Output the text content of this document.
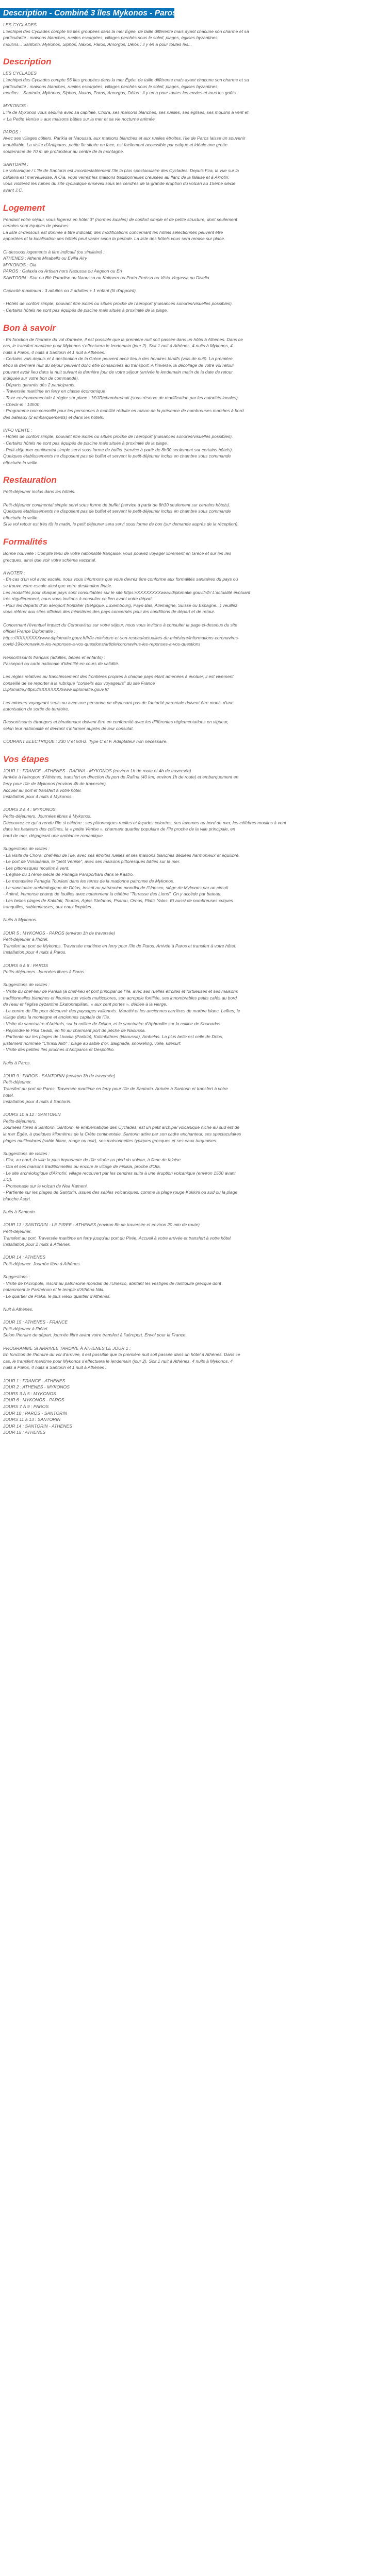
Description - Combiné 3 îles Mykonos - Paros - Santorin 3*

LES CYCLADES

L'archipel des Cyclades compte 56 îles groupées dans la mer Égée, de taille différente mais ayant chacune son charme et sa

particularité : maisons blanches, ruelles escarpées, villages perchés sous le soleil, plages, églises byzantines,

moulins... Santorin, Mykonos, Siphos, Naxos, Paros, Amorgos, Délos : il y en a pour toutes les...

Description

LES CYCLADES

L'archipel des Cyclades compte 56 îles groupées dans la mer Égée, de taille différente mais ayant chacune son charme et sa

particularité : maisons blanches, ruelles escarpées, villages perchés sous le soleil, plages, églises byzantines,

moulins... Santorin, Mykonos, Siphos, Naxos, Paros, Amorgos, Délos : il y en a pour toutes les envies et tous les goûts.

MYKONOS :

L'île de Mykonos vous séduira avec sa capitale, Chora, ses maisons blanches, ses ruelles, ses églises, ses moulins à vent et

« La Petite Venise » aux maisons bâties sur la mer et sa vie nocturne animée.

PAROS :

Avec ses villages côtiers, Parikia et Naoussa, aux maisons blanches et aux ruelles étroites, l'île de Paros laisse un souvenir

inoubliable. La visite d'Antiparos, petite île située en face, est facilement accessible par caïque et idéale une grotte

souterraine de 70 m de profondeur au centre de la montagne.

SANTORIN :

Le volcanique / L'île de Santorin est incontestablement l'île la plus spectaculaire des Cyclades. Depuis Fira, la vue sur la

caldeira est merveilleuse. A Oïa, vous verrez les maisons traditionnelles creusées au flanc de la falaise et à Akrotiri,

vous visiterez les ruines du site cycladique enseveli sous les cendres de la grande éruption du volcan au 15ème siècle

avant J.C.

Logement

Pendant votre séjour, vous logerez en hôtel 3* (normes locales) de confort simple et de petite structure, dont seulement

certains sont équipés de piscines.

La liste ci-dessous est donnée à titre indicatif, des modifications concernant les hôtels sélectionnés peuvent être

apportées et la localisation des hôtels peut varier selon la période. La liste des hôtels vous sera remise sur place.

Ci-dessous logements à titre indicatif (ou similaire) :

ATHENES : Athens Mirabello ou Evilia Airy

MYKONOS : Oia

PAROS : Galaxia ou Artisan hors Naoussa ou Aegeon ou Eri

SANTORIN : Star ou Blé Paradise ou Naoussa ou Kalmero ou Porto Perissa ou Vista Vegassa ou Divelia

Capacité maximum : 3 adultes ou 2 adultes + 1 enfant (lit d'appoint).

- Hôtels de confort simple, pouvant être isolés ou situés proche de l'aéroport (nuisances sonores/visuelles possibles).

- Certains hôtels ne sont pas équipés de piscine mais situés à proximité de la plage.

Bon à savoir

- En fonction de l'horaire du vol d'arrivée, il est possible que la première nuit soit passée dans un hôtel à Athènes. Dans ce

cas, le transfert maritime pour Mykonos s'effectuera le lendemain (jour 2). Soit 1 nuit à Athènes, 4 nuits à Mykonos, 4

nuits à Paros, 4 nuits à Santorin et 1 nuit à Athènes.

- Certains vols depuis et à destination de la Grèce peuvent avoir lieu à des horaires tardifs (vols de nuit). La première

et/ou la dernière nuit du séjour peuvent donc être consacrées au transport. A l'inverse, la décollage de votre vol retour

pouvant avoir lieu dans la nuit suivant la dernière jour de votre séjour (arrivée le lendemain matin de la date de retour

indiquée sur votre bon de commande).

- Départs garantis dès 2 participants.

- Traversée maritime en ferry en classe économique

- Taxe environnementale à régler sur place : 1€/JR/chambre/nuit (sous réserve de modification par les autorités locales).

- Check-in : 14h00

- Programme non conseillé pour les personnes à mobilité réduite en raison de la présence de nombreuses marches à bord

des bateaux (2 embarquements) et dans les hôtels.

INFO VENTE :

- Hôtels de confort simple, pouvant être isolés ou situés proche de l'aéroport (nuisances sonores/visuelles possibles).

- Certains hôtels ne sont pas équipés de piscine mais situés à proximité de la plage.

- Petit-déjeuner continental simple servi sous forme de buffet (service à partir de 8h30 seulement sur certains hôtels).

Quelques établissements ne disposent pas de buffet et servent le petit-déjeuner inclus en chambre sous commande

effectuée la veille.

Restauration

Petit-déjeuner inclus dans les hôtels.

Petit-déjeuner continental simple servi sous forme de buffet (service à partir de 8h30 seulement sur certains hôtels).

Quelques établissements ne disposent pas de buffet et servent le petit-déjeuner inclus en chambre sous commande

effectuée la veille.

Si le vol retour est très tôt le matin, le petit déjeuner sera servi sous forme de box (sur demande auprès de la réception).

Formalités

Bonne nouvelle : Compte tenu de votre nationalité française, vous pouvez voyager librement en Grèce et sur les îles

grecques, ainsi que voir votre schéma vaccinal.

A NOTER :

- En cas d'un vol avec escale, nous vous informons que vous devrez être conforme aux formalités sanitaires du pays où

se trouve votre escale ainsi que votre destination finale.

Les modalités pour chaque pays sont consultables sur le site https://XXXXXXXXwww.diplomatie.gouv.fr/fr/ L'actualité évoluant

très régulièrement, nous vous invitons à consulter ce lien avant votre départ.

- Pour les départs d'un aéroport frontalier (Belgique, Luxembourg, Pays-Bas, Allemagne, Suisse ou Espagne...) veuillez

vous référer aux sites officiels des ministères des pays concernés pour les conditions de départ et de retour.

Concernant l'éventuel impact du Coronavirus sur votre séjour, nous vous invitons à consulter la page ci-dessous du site

officiel France Diplomatie :

https://XXXXXXXXwww.diplomatie.gouv.fr/fr/le-ministere-et-son-reseau/actualites-du-ministere/informations-coronavirus-

covid-19/coronavirus-les-reponses-a-vos-questions/article/coronavirus-les-reponses-a-vos-questions

Ressortissants français (adultes, bébés et enfants) :

Passeport ou carte nationale d'identité en cours de validité.

Les règles relatives au franchissement des frontières propres à chaque pays étant amenées à évoluer, il est vivement

conseillé de se reporter à la rubrique "conseils aux voyageurs" du site France

Diplomatie,https://XXXXXXXXwww.diplomatie.gouv.fr/

Les mineurs voyageant seuls ou avec une personne ne disposant pas de l'autorité parentale doivent être munis d'une

autorisation de sortie de territoire.

Ressortissants étrangers et binationaux doivent être en conformité avec les différentes réglementations en vigueur,

selon leur nationalité et devront s'informer auprès de leur consulat.

COURANT ELECTRIQUE : 230 V et 50Hz. Type C et F. Adaptateur non nécessaire.

Vos étapes

JOUR 1 : FRANCE - ATHENES - RAFINA - MYKONOS (environ 1h de route et 4h de traversée)

Arrivée à l'aéroport d'Athènes, transfert en direction du port de Rafina (40 km, environ 1h de route) et embarquement en

ferry pour l'île de Mykonos (environ 4h de traversée).

Accueil au port et transfert à votre hôtel.

Installation pour 4 nuits à Mykonos.

JOURS 2 à 4 : MYKONOS

Petits-déjeuners. Journées libres à Mykonos.

Découvrez ce qui a rendu l'île si célèbre : ses pittoresques ruelles et façades colorées, ses tavernes au bord de mer, les célèbres moulins à vent

dans les hauteurs des collines, la « petite Venise », charmant quartier populaire de l'île proche de la ville principale, en

bord de mer, dégageant une ambiance romantique.

Suggestions de visites :

- La visite de Chora, chef-lieu de l'île, avec ses étroites ruelles et ses maisons blanches dédiées harmonieux et équilibré.

- Le port de Vrisokanka, le "petit Venise", avec ses maisons pittoresques bâties sur la mer.

- Les pittoresques moulins à vent.

- L'église du 17ème siècle de Panagia Paraportiani dans le Kastro.

- Le monastère Panagia Tourliani dans les terres de la madonne patronne de Mykonos.

- Le sanctuaire archéologique de Délos, inscrit au patrimoine mondial de l'Unesco, siège de Mykonos par un circuit

- Animé, immense champ de fouilles avec notamment la célèbre "Terrasse des Lions". On y accède par bateau.

- Les belles plages de Kalafati, Tourlos, Agios Stefanos, Psarou, Ornos, Platis Yalos. Et aussi de nombreuses criques

tranquilles, sablonneuses, aux eaux limpides...

Nuits à Mykonos.

JOUR 5 : MYKONOS - PAROS (environ 1h de traversée)

Petit-déjeuner à l'hôtel.

Transfert au port de Mykonos. Traversée maritime en ferry pour l'île de Paros. Arrivée à Paros et transfert à votre hôtel.

Installation pour 4 nuits à Paros.

JOURS 6 à 8 : PAROS

Petits-déjeuners. Journées libres à Paros.

Suggestions de visites :

- Visite du chef-lieu de Parikia (à chef-lieu et port principal de l'île, avec ses ruelles étroites et tortueuses et ses maisons

traditionnelles blanches et fleuries aux volets multicolores, son acropole fortifiée, ses innombrables petits cafés au bord

de l'eau et l'église byzantine Ekatontapiliani, « aux cent portes », dédiée à la vierge.

- Le centre de l'île pour découvrir des paysages vallonnés. Marathi et les anciennes carrières de marbre blanc, Lefkes, le

village dans la montagne et anciennes capitale de l'île.

- Visite du sanctuaire d'Artémis, sur la colline de Délion, et le sanctuaire d'Aphrodite sur la colline de Kounados.

- Rejoindre le Pisa Livadi, en fin au charmant port de pêche de Naoussa.

- Partiente sur les plages de Livadia (Parikia), Kolimbithres (Naoussa), Ambelas. La plus belle est celle de Drios,

justement nommée "Chrissi Akti" : plage au sable d'or. Baignade, snorkeling, voile, kitesurf.

- Visite des petites îles proches d'Antiparos et Despotiko.

Nuits à Paros.

JOUR 9 : PAROS - SANTORIN (environ 3h de traversée)

Petit-déjeuner.

Transfert au port de Paros. Traversée maritime en ferry pour l'île de Santorin. Arrivée à Santorin et transfert à votre

hôtel.

Installation pour 4 nuits à Santorin.

JOURS 10 à 12 : SANTORIN

Petits-déjeuners.

Journées libres à Santorin. Santorin, le emblématique des Cyclades, est un petit archipel volcanique niché au sud est de

la mer Égée, à quelques kilomètres de la Crète continentale. Santorin attire par son cadre enchanteur, ses spectaculaires

plages multicolores (sable blanc, rouge ou noir), ses maisonnettes typiques grecques et ses eaux turquoises.

Suggestions de visites :

- Fira, au nord, la ville la plus importante de l'île située au pied du volcan, à flanc de falaise.

- Oïa et ses maisons traditionnelles ou encore le village de Finikia, proche d'Oïa.

- Le site archéologique d'Akrotiri, village recouvert par les cendres suite à une éruption volcanique (environ 1500 avant

J.C).

- Promenade sur le volcan de Nea Kameni.

- Partiente sur les plages de Santorin, issues des sables volcaniques, comme la plage rouge Kokkini ou sud ou la plage

blanche Aspri.

Nuits à Santorin.

JOUR 13 : SANTORIN - LE PIREE - ATHENES (environ 8h de traversée et environ 20 min de route)

Petit-déjeuner.

Transfert au port. Traversée maritime en ferry jusqu'au port du Pirée. Accueil à votre arrivée et transfert à votre hôtel.

Installation pour 2 nuits à Athènes.

JOUR 14 : ATHENES

Petit-déjeuner. Journée libre à Athènes.

Suggestions :

- Visite de l'Acropole, inscrit au patrimoine mondial de l'Unesco, abritant les vestiges de l'antiquité grecque dont

notamment le Parthénon et le temple d'Athéna Niki.

- Le quartier de Plaka, le plus vieux quartier d'Athènes.

Nuit à Athènes.

JOUR 15 : ATHENES - FRANCE

Petit-déjeuner à l'hôtel.

Selon l'horaire de départ, journée libre avant votre transfert à l'aéroport. Envol pour la France.

PROGRAMME SI ARRIVEE TARDIVE À ATHENES LE JOUR 1 :

En fonction de l'horaire du vol d'arrivée, il est possible que la première nuit soit passée dans un hôtel à Athènes. Dans ce

cas, le transfert maritime pour Mykonos s'effectuera le lendemain (jour 2). Soit 1 nuit à Athènes, 4 nuits à Mykonos, 4

nuits à Paros, 4 nuits à Santorin et 1 nuit à Athènes :

JOUR 1 : FRANCE - ATHENES

JOUR 2 : ATHENES - MYKONOS

JOURS 3 À 5 : MYKONOS

JOUR 6 : MYKONOS - PAROS

JOURS 7 À 9 : PAROS

JOUR 10 : PAROS - SANTORIN

JOURS 11 à 13 : SANTORIN

JOUR 14 : SANTORIN - ATHENES

JOUR 15 : ATHENES
